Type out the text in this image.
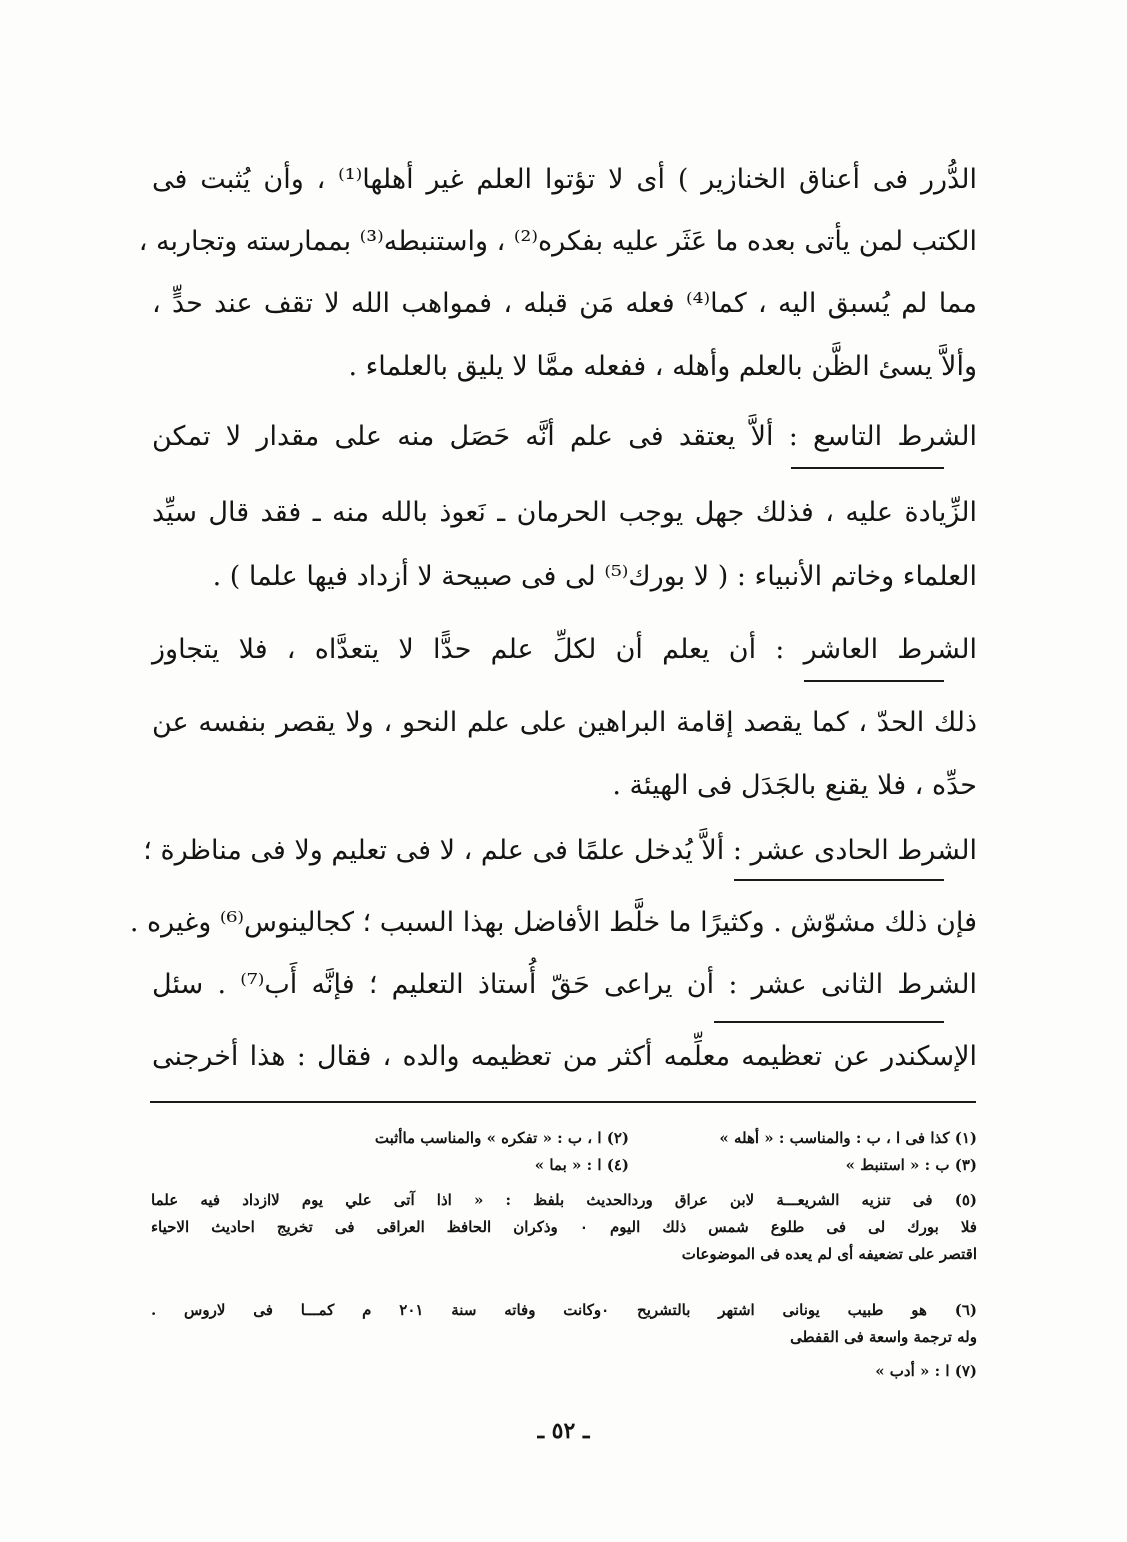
الدُّرر فى أعناق الخنازير ) أى لا تؤتوا العلم غير أهلها⁽¹⁾ ، وأن يُثبت فى
الكتب لمن يأتى بعده ما عَثَر عليه بفكره⁽²⁾ ، واستنبطه⁽³⁾ بممارسته وتجاربه ،
مما لم يُسبق اليه ، كما⁽⁴⁾ فعله مَن قبله ، فمواهب الله لا تقف عند حدٍّ ،
وألاَّ يسئ الظَّن بالعلم وأهله ، ففعله ممَّا لا يليق بالعلماء .
الشرط التاسع : ألاَّ يعتقد فى علم أنَّه حَصَل منه على مقدار لا تمكن
الزِّيادة عليه ، فذلك جهل يوجب الحرمان ـ نَعوذ بالله منه ـ فقد قال سيِّد
العلماء وخاتم الأنبياء : ( لا بورك⁽⁵⁾ لى فى صبيحة لا أزداد فيها علما ) .
الشرط العاشر : أن يعلم أن لكلِّ علم حدًّا لا يتعدَّاه ، فلا يتجاوز
ذلك الحدّ ، كما يقصد إقامة البراهين على علم النحو ، ولا يقصر بنفسه عن
حدِّه ، فلا يقنع بالجَدَل فى الهيئة .
الشرط الحادى عشر : ألاَّ يُدخل علمًا فى علم ، لا فى تعليم ولا فى مناظرة ؛
فإن ذلك مشوّش . وكثيرًا ما خلَّط الأفاضل بهذا السبب ؛ كجالينوس⁽⁶⁾ وغيره .
الشرط الثانى عشر : أن يراعى حَقّ أُستاذ التعليم ؛ فإنَّه أَب⁽⁷⁾ . سئل
الإسكندر عن تعظيمه معلِّمه أكثر من تعظيمه والده ، فقال : هذا أخرجنى
(١) كذا فى ا ، ب : والمناسب : « أهله »
(٢) ا ، ب : « تفكره » والمناسب ماأثبت
(٣) ب : « استنبط »
(٤) ا : « بما »
(٥) فى تنزيه الشريعـــة لابن عراق وردالحديث بلفظ : « اذا آتى علي يوم لاازداد فيه علما
فلا بورك لى فى طلوع شمس ذلك اليوم ٠ وذكران الحافظ العراقى فى تخريج احاديث الاحياء
اقتصر على تضعيفه أى لم يعده فى الموضوعات
(٦) هو طبيب يونانى اشتهر بالتشريح ٠وكانت وفاته سنة ٢٠١ م كمـــا فى لاروس .
وله ترجمة واسعة فى القفطى
(٧) ا : « أدب »
ـ ٥٢ ـ
